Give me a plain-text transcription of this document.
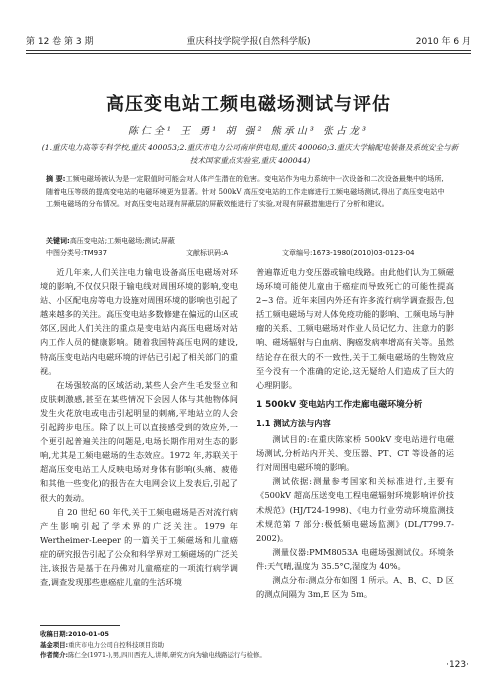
第 12 卷 第 3 期	重庆科技学院学报(自然科学版)	2010 年 6 月
高压变电站工频电磁场测试与评估
陈仁全¹ 王 勇¹ 胡 强² 熊承山³ 张占龙³
(1.重庆电力高等专科学校,重庆 400053;2.重庆市电力公司南岸供电局,重庆 400060;3.重庆大学输配电装备及系统安全与新技术国家重点实验室,重庆 400044)
摘 要:工频电磁场被认为是一定限值时可能会对人体产生潜在的危害。变电站作为电力系统中一次设备和二次设备最集中的场所,随着电压等级的提高变电站的电磁环境更为显著。针对 500kV 高压变电站的工作走廊进行工频电磁场测试,得出了高压变电站中工频电磁场的分布情况。对高压变电站现有屏蔽层的屏蔽效能进行了实验,对现有屏蔽措施进行了分析和建议。
关键词:高压变电站;工频电磁场;测试;屏蔽
中图分类号:TM937	文献标识码:A	文章编号:1673-1980(2010)03-0123-04

近几年来,人们关注电力输电设备高压电磁场对环境的影响,不仅仅只限于输电线对周围环境的影响,变电站、小区配电房等电力设施对周围环境的影响也引起了越来越多的关注。高压变电站多数修建在偏远的山区或郊区,因此人们关注的重点是变电站内高压电磁场对站内工作人员的健康影响。随着我国特高压电网的建设,特高压变电站内电磁环境的评估已引起了相关部门的重视。

在场强较高的区域活动,某些人会产生毛发竖立和皮肤刺激感,甚至在某些情况下会因人体与其他物体间发生火花放电或电击引起明显的刺痛,平地站立的人会引起跨步电压。除了以上可以直接感受到的效应外,一个更引起普遍关注的问题是,电场长期作用对生态的影响,尤其是工频电磁场的生态效应。1972 年,苏联关于超高压变电站工人反映电场对身体有影响(头痛、疲倦和其他一些变化)的报告在大电网会议上发表后,引起了很大的轰动。

自 20 世纪 60 年代,关于工频电磁场是否对流行病产生影响引起了学术界的广泛关注。1979 年 Wertheimer-Leeper 的一篇关于工频磁场和儿童癌症的研究报告引起了公众和科学界对工频磁场的广泛关注,该报告是基于在丹佛对儿童癌症的一项流行病学调查,调查发现那些患癌症儿童的生活环境

普遍靠近电力变压器或输电线路。由此他们认为工频磁场环境可能使儿童由于癌症而导致死亡的可能性提高 2~3 倍。近年来国内外还有许多流行病学调查报告,包括工频电磁场与对人体免疫功能的影响、工频电场与肿瘤的关系、工频电磁场对作业人员记忆力、注意力的影响、磁场辐射与白血病、胸癌发病率增高有关等。虽然结论存在很大的不一致性,关于工频电磁场的生物效应至今没有一个准确的定论,这无疑给人们造成了巨大的心理阴影。

1 500kV 变电站内工作走廊电磁环境分析
1.1 测试方法与内容

测试目的:在重庆陈家桥 500kV 变电站进行电磁场测试,分析站内开关、变压器、PT、CT 等设备的运行对周围电磁环境的影响。

测试依据:测量参考国家和关标准进行,主要有《500kV 超高压送变电工程电磁辐射环境影响评价技术规范》(HJ/T24-1998)、《电力行业劳动环境监测技术规范第 7 部分:极低频电磁场监测》(DL/T799.7-2002)。

测量仪器:PMM8053A 电磁场强测试仪。环境条件:天气晴,温度为 35.5°C,湿度为 40%。

测点分布:测点分布如图 1 所示。A、B、C、D 区的测点间隔为 3m,E 区为 5m。

收稿日期:2010-01-05
基金项目:重庆市电力公司自控科技项目资助
作者简介:陈仁全(1971-),男,四川西充人,讲师,研究方向为输电线路运行与检修。
·123·
